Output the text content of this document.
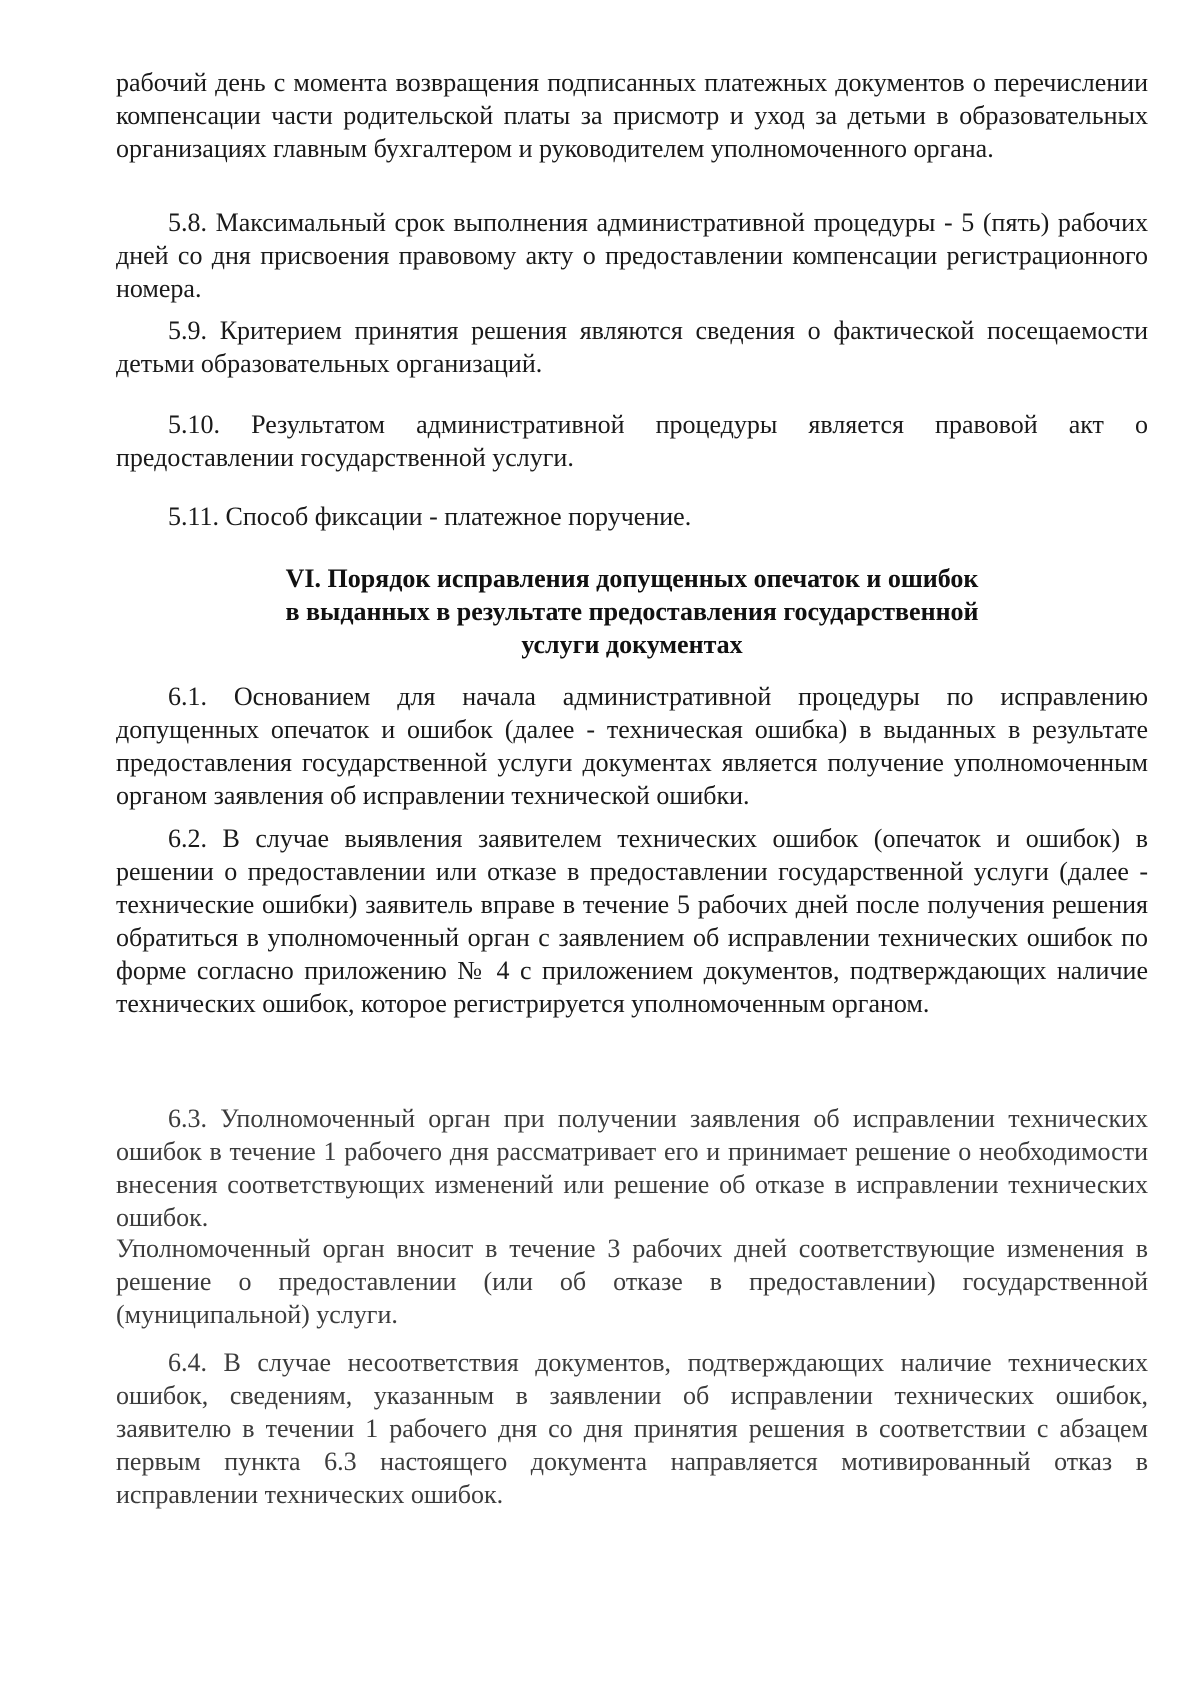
рабочий день с момента возвращения подписанных платежных документов о перечислении компенсации части родительской платы за присмотр и уход за детьми в образовательных организациях главным бухгалтером и руководителем уполномоченного органа.

5.8. Максимальный срок выполнения административной процедуры - 5 (пять) рабочих дней со дня присвоения правовому акту о предоставлении компенсации регистрационного номера.

5.9. Критерием принятия решения являются сведения о фактической посещаемости детьми образовательных организаций.

5.10. Результатом административной процедуры является правовой акт о предоставлении государственной услуги.

5.11. Способ фиксации - платежное поручение.

VI. Порядок исправления допущенных опечаток и ошибок
в выданных в результате предоставления государственной
услуги документах

6.1. Основанием для начала административной процедуры по исправлению допущенных опечаток и ошибок (далее - техническая ошибка) в выданных в результате предоставления государственной услуги документах является получение уполномоченным органом заявления об исправлении технической ошибки.

6.2. В случае выявления заявителем технических ошибок (опечаток и ошибок) в решении о предоставлении или отказе в предоставлении государственной услуги (далее - технические ошибки) заявитель вправе в течение 5 рабочих дней после получения решения обратиться в уполномоченный орган с заявлением об исправлении технических ошибок по форме согласно приложению № 4 с приложением документов, подтверждающих наличие технических ошибок, которое регистрируется уполномоченным органом.

6.3. Уполномоченный орган при получении заявления об исправлении технических ошибок в течение 1 рабочего дня рассматривает его и принимает решение о необходимости внесения соответствующих изменений или решение об отказе в исправлении технических ошибок.

Уполномоченный орган вносит в течение 3 рабочих дней соответствующие изменения в решение о предоставлении (или об отказе в предоставлении) государственной (муниципальной) услуги.

6.4. В случае несоответствия документов, подтверждающих наличие технических ошибок, сведениям, указанным в заявлении об исправлении технических ошибок, заявителю в течении 1 рабочего дня со дня принятия решения в соответствии с абзацем первым пункта 6.3 настоящего документа направляется мотивированный отказ в исправлении технических ошибок.
